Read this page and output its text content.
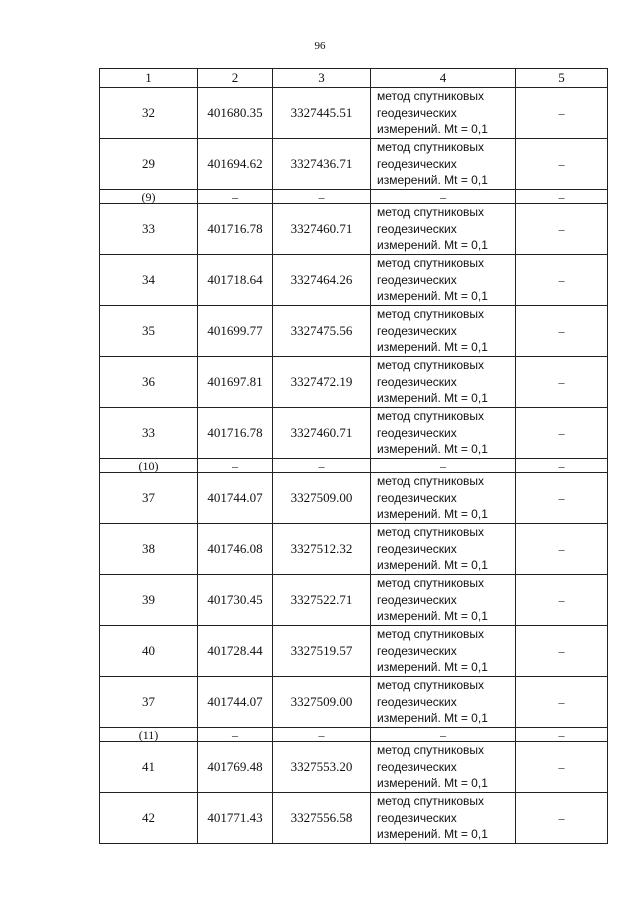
96
1	2	3	4	5
32	401680.35	3327445.51	метод спутниковых
геодезических
измерений. Mt = 0,1	–
29	401694.62	3327436.71	метод спутниковых
геодезических
измерений. Mt = 0,1	–
(9)	–	–	–	–
33	401716.78	3327460.71	метод спутниковых
геодезических
измерений. Mt = 0,1	–
34	401718.64	3327464.26	метод спутниковых
геодезических
измерений. Mt = 0,1	–
35	401699.77	3327475.56	метод спутниковых
геодезических
измерений. Mt = 0,1	–
36	401697.81	3327472.19	метод спутниковых
геодезических
измерений. Mt = 0,1	–
33	401716.78	3327460.71	метод спутниковых
геодезических
измерений. Mt = 0,1	–
(10)	–	–	–	–
37	401744.07	3327509.00	метод спутниковых
геодезических
измерений. Mt = 0,1	–
38	401746.08	3327512.32	метод спутниковых
геодезических
измерений. Mt = 0,1	–
39	401730.45	3327522.71	метод спутниковых
геодезических
измерений. Mt = 0,1	–
40	401728.44	3327519.57	метод спутниковых
геодезических
измерений. Mt = 0,1	–
37	401744.07	3327509.00	метод спутниковых
геодезических
измерений. Mt = 0,1	–
(11)	–	–	–	–
41	401769.48	3327553.20	метод спутниковых
геодезических
измерений. Mt = 0,1	–
42	401771.43	3327556.58	метод спутниковых
геодезических
измерений. Mt = 0,1	–
